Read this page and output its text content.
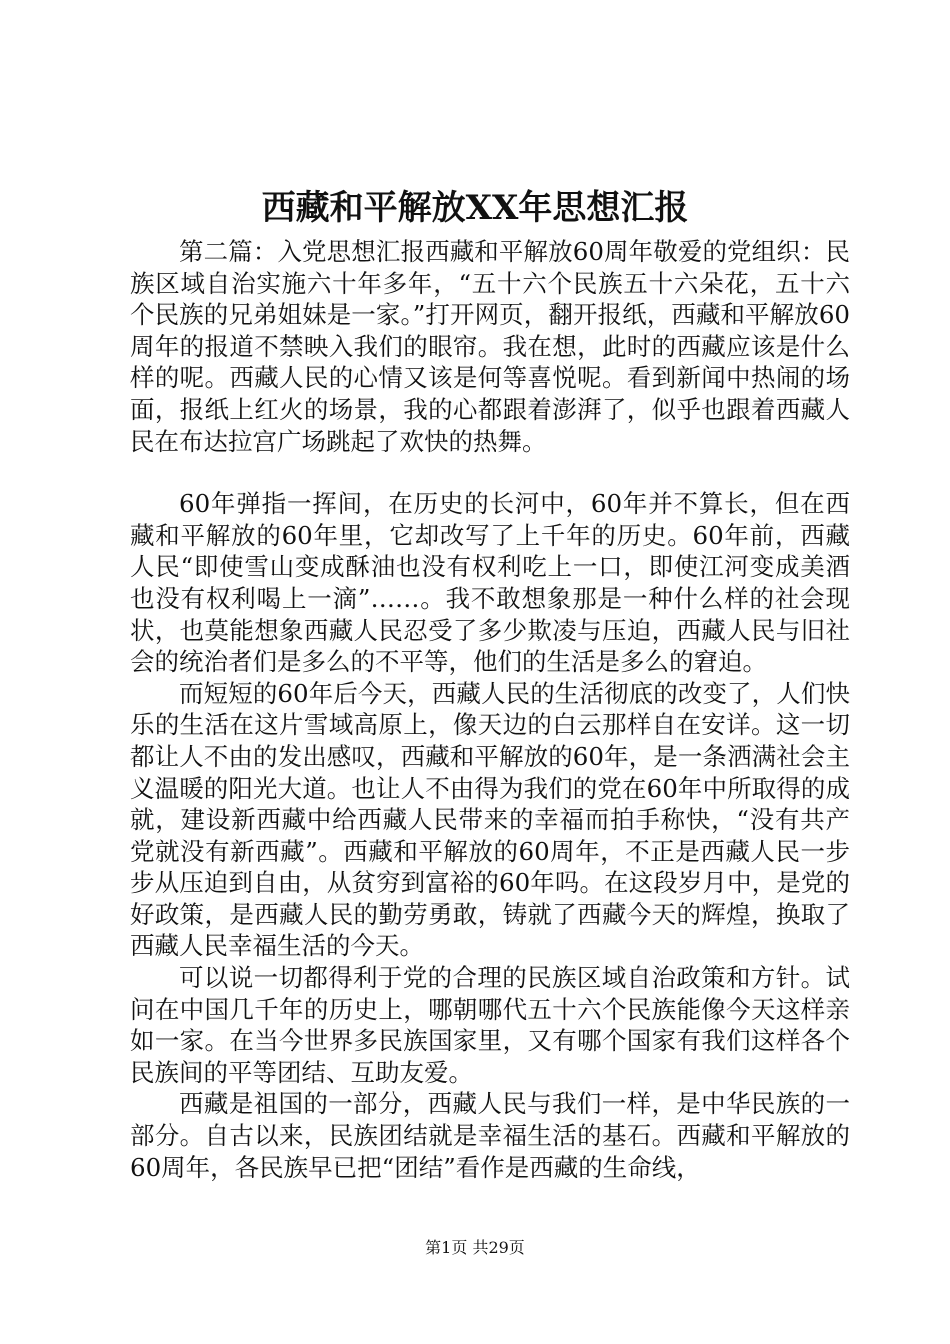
西藏和平解放XX年思想汇报

第二篇：入党思想汇报西藏和平解放60周年敬爱的党组织：民族区域自治实施六十年多年，“五十六个民族五十六朵花，五十六个民族的兄弟姐妹是一家。”打开网页，翻开报纸，西藏和平解放60周年的报道不禁映入我们的眼帘。我在想，此时的西藏应该是什么样的呢。西藏人民的心情又该是何等喜悦呢。看到新闻中热闹的场面，报纸上红火的场景，我的心都跟着澎湃了，似乎也跟着西藏人民在布达拉宫广场跳起了欢快的热舞。

60年弹指一挥间，在历史的长河中，60年并不算长，但在西藏和平解放的60年里，它却改写了上千年的历史。60年前，西藏人民“即使雪山变成酥油也没有权利吃上一口，即使江河变成美酒也没有权利喝上一滴”……。我不敢想象那是一种什么样的社会现状，也莫能想象西藏人民忍受了多少欺凌与压迫，西藏人民与旧社会的统治者们是多么的不平等，他们的生活是多么的窘迫。

而短短的60年后今天，西藏人民的生活彻底的改变了，人们快乐的生活在这片雪域高原上，像天边的白云那样自在安详。这一切都让人不由的发出感叹，西藏和平解放的60年，是一条洒满社会主义温暖的阳光大道。也让人不由得为我们的党在60年中所取得的成就，建设新西藏中给西藏人民带来的幸福而拍手称快，“没有共产党就没有新西藏”。西藏和平解放的60周年，不正是西藏人民一步步从压迫到自由，从贫穷到富裕的60年吗。在这段岁月中，是党的好政策，是西藏人民的勤劳勇敢，铸就了西藏今天的辉煌，换取了西藏人民幸福生活的今天。

可以说一切都得利于党的合理的民族区域自治政策和方针。试问在中国几千年的历史上，哪朝哪代五十六个民族能像今天这样亲如一家。在当今世界多民族国家里，又有哪个国家有我们这样各个民族间的平等团结、互助友爱。

西藏是祖国的一部分，西藏人民与我们一样，是中华民族的一部分。自古以来，民族团结就是幸福生活的基石。西藏和平解放的60周年，各民族早已把“团结”看作是西藏的生命线，

第1页 共29页
